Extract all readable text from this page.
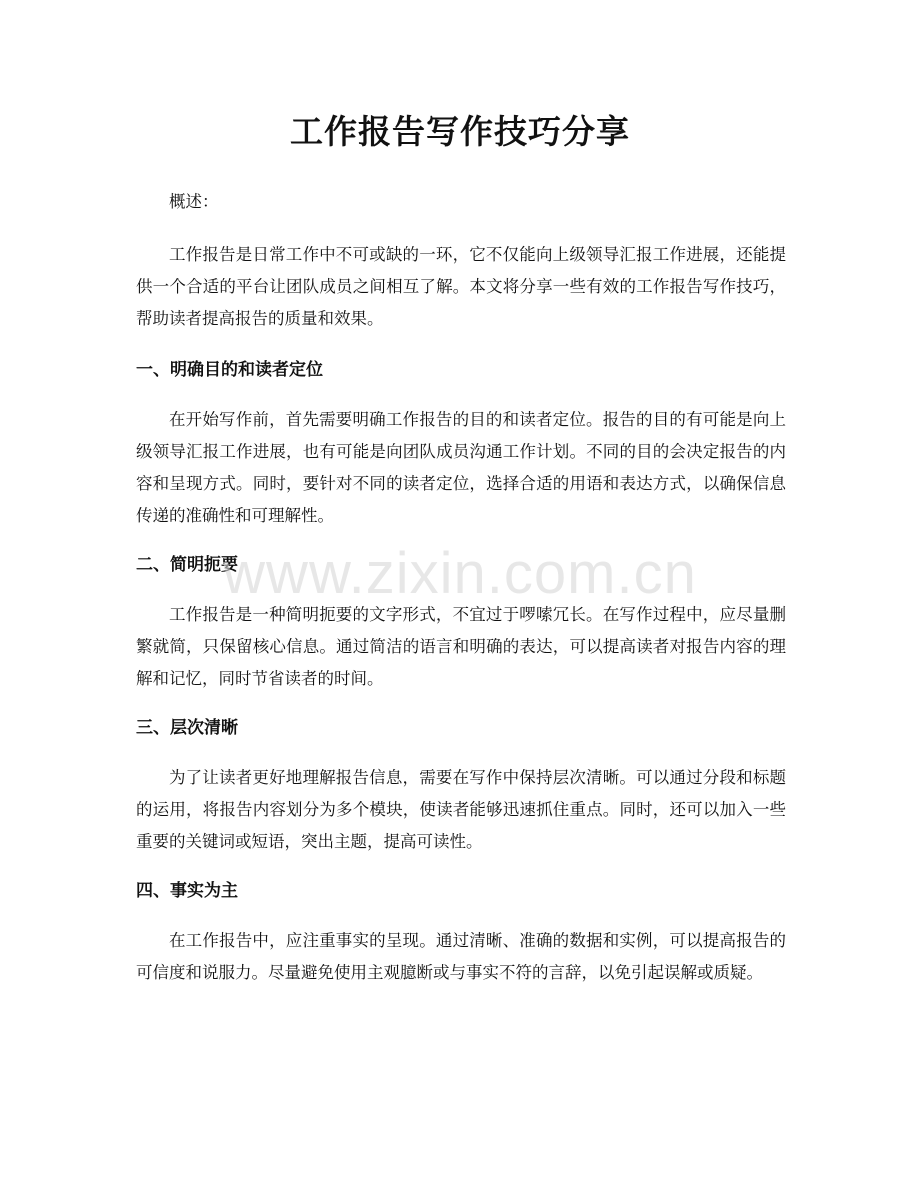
工作报告写作技巧分享

概述：

工作报告是日常工作中不可或缺的一环，它不仅能向上级领导汇报工作进展，还能提供一个合适的平台让团队成员之间相互了解。本文将分享一些有效的工作报告写作技巧，帮助读者提高报告的质量和效果。

一、明确目的和读者定位

在开始写作前，首先需要明确工作报告的目的和读者定位。报告的目的有可能是向上级领导汇报工作进展，也有可能是向团队成员沟通工作计划。不同的目的会决定报告的内容和呈现方式。同时，要针对不同的读者定位，选择合适的用语和表达方式，以确保信息传递的准确性和可理解性。

二、简明扼要

工作报告是一种简明扼要的文字形式，不宜过于啰嗦冗长。在写作过程中，应尽量删繁就简，只保留核心信息。通过简洁的语言和明确的表达，可以提高读者对报告内容的理解和记忆，同时节省读者的时间。

三、层次清晰

为了让读者更好地理解报告信息，需要在写作中保持层次清晰。可以通过分段和标题的运用，将报告内容划分为多个模块，使读者能够迅速抓住重点。同时，还可以加入一些重要的关键词或短语，突出主题，提高可读性。

四、事实为主

在工作报告中，应注重事实的呈现。通过清晰、准确的数据和实例，可以提高报告的可信度和说服力。尽量避免使用主观臆断或与事实不符的言辞，以免引起误解或质疑。

www.zixin.com.cn
